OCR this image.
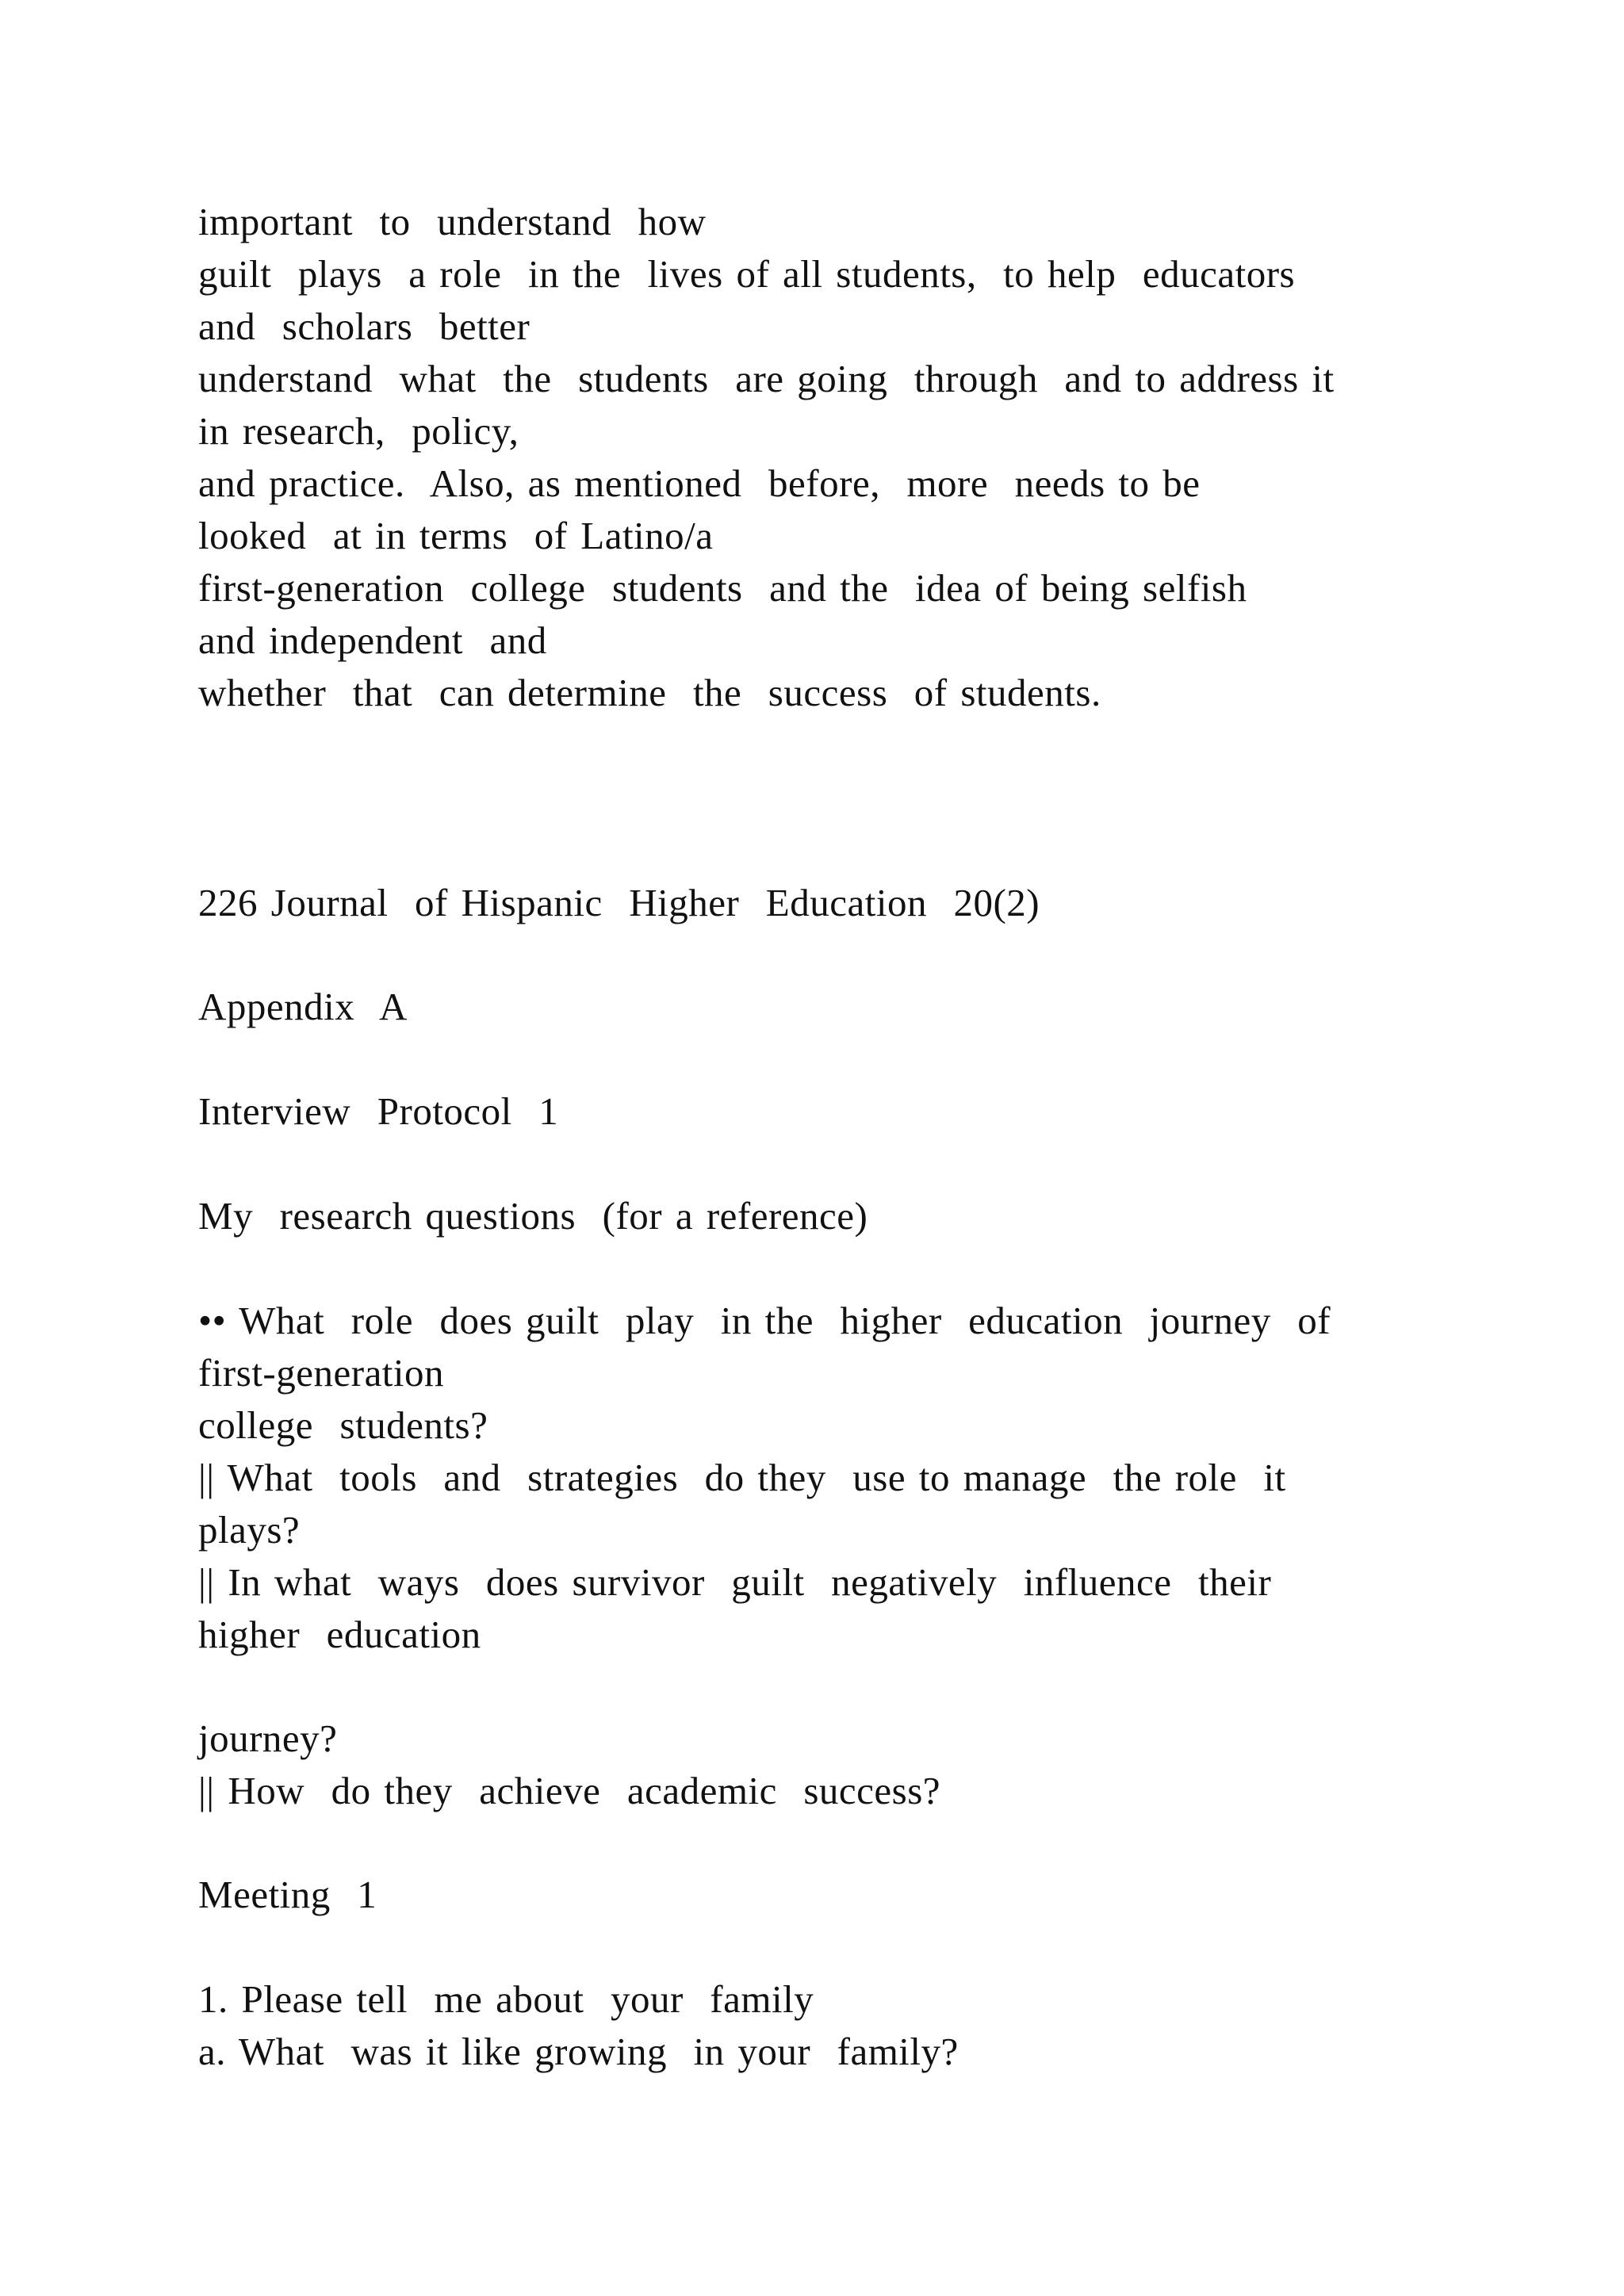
important  to  understand  how
guilt  plays  a role  in the  lives of all students,  to help  educators
and  scholars  better
understand  what  the  students  are going  through  and to address it
in research,  policy,
and practice.  Also, as mentioned  before,  more  needs to be
looked  at in terms  of Latino/a
first-generation  college  students  and the  idea of being selfish
and independent  and
whether  that  can determine  the  success  of students.
226 Journal  of Hispanic  Higher  Education  20(2)
Appendix  A
Interview  Protocol  1
My  research questions  (for a reference)
•• What  role  does guilt  play  in the  higher  education  journey  of
first-generation
college  students?
|| What  tools  and  strategies  do they  use to manage  the role  it
plays?
|| In what  ways  does survivor  guilt  negatively  influence  their
higher  education
journey?
|| How  do they  achieve  academic  success?
Meeting  1
1. Please tell  me about  your  family
a. What  was it like growing  in your  family?
